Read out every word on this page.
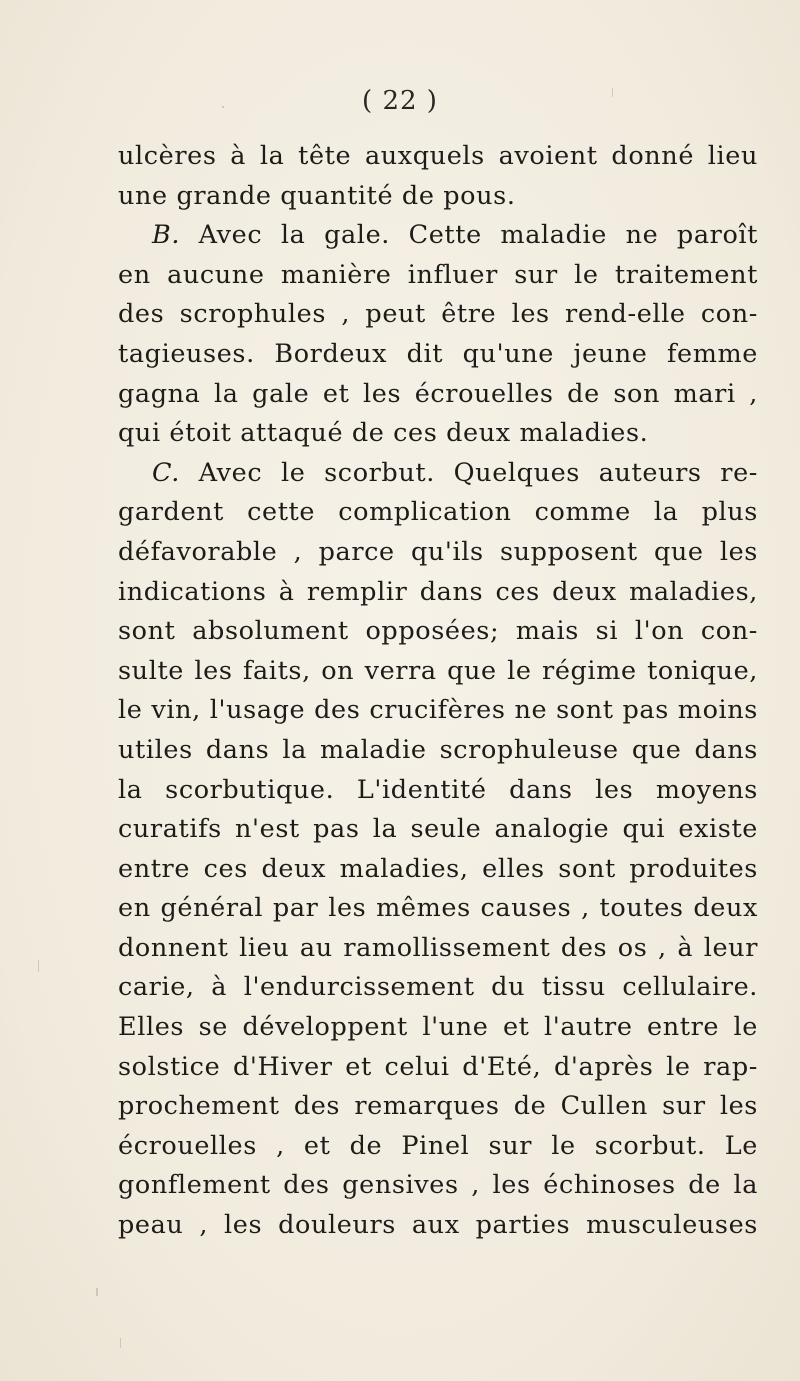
( 22 )
ulcères à la tête auxquels avoient donné lieu
une grande quantité de pous.
B. Avec la gale. Cette maladie ne paroît
en aucune manière influer sur le traitement
des scrophules , peut être les rend-elle con-
tagieuses. Bordeux dit qu'une jeune femme
gagna la gale et les écrouelles de son mari ,
qui étoit attaqué de ces deux maladies.
C. Avec le scorbut. Quelques auteurs re-
gardent cette complication comme la plus
défavorable , parce qu'ils supposent que les
indications à remplir dans ces deux maladies,
sont absolument opposées; mais si l'on con-
sulte les faits, on verra que le régime tonique,
le vin, l'usage des crucifères ne sont pas moins
utiles dans la maladie scrophuleuse que dans
la scorbutique. L'identité dans les moyens
curatifs n'est pas la seule analogie qui existe
entre ces deux maladies, elles sont produites
en général par les mêmes causes , toutes deux
donnent lieu au ramollissement des os , à leur
carie, à l'endurcissement du tissu cellulaire.
Elles se développent l'une et l'autre entre le
solstice d'Hiver et celui d'Eté, d'après le rap-
prochement des remarques de Cullen sur les
écrouelles , et de Pinel sur le scorbut. Le
gonflement des gensives , les échinoses de la
peau , les douleurs aux parties musculeuses
